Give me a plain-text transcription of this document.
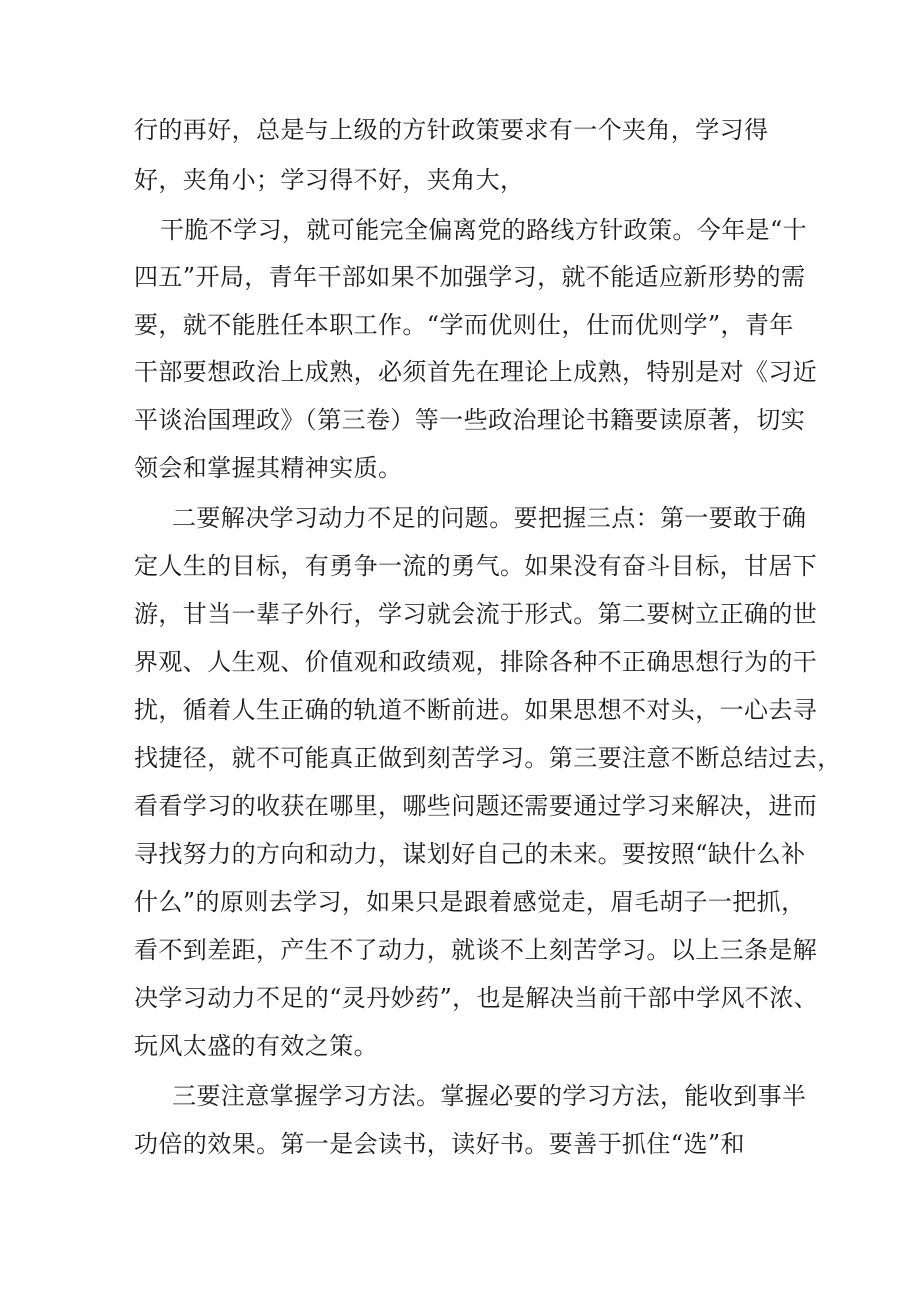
行的再好，总是与上级的方针政策要求有一个夹角，学习得
好，夹角小；学习得不好，夹角大，
干脆不学习，就可能完全偏离党的路线方针政策。今年是“十
四五”开局，青年干部如果不加强学习，就不能适应新形势的需
要，就不能胜任本职工作。“学而优则仕，仕而优则学”，青年
干部要想政治上成熟，必须首先在理论上成熟，特别是对《习近
平谈治国理政》（第三卷）等一些政治理论书籍要读原著，切实
领会和掌握其精神实质。
二要解决学习动力不足的问题。要把握三点：第一要敢于确
定人生的目标，有勇争一流的勇气。如果没有奋斗目标，甘居下
游，甘当一辈子外行，学习就会流于形式。第二要树立正确的世
界观、人生观、价值观和政绩观，排除各种不正确思想行为的干
扰，循着人生正确的轨道不断前进。如果思想不对头，一心去寻
找捷径，就不可能真正做到刻苦学习。第三要注意不断总结过去，
看看学习的收获在哪里，哪些问题还需要通过学习来解决，进而
寻找努力的方向和动力，谋划好自己的未来。要按照“缺什么补
什么”的原则去学习，如果只是跟着感觉走，眉毛胡子一把抓，
看不到差距，产生不了动力，就谈不上刻苦学习。以上三条是解
决学习动力不足的“灵丹妙药”，也是解决当前干部中学风不浓、
玩风太盛的有效之策。
三要注意掌握学习方法。掌握必要的学习方法，能收到事半
功倍的效果。第一是会读书，读好书。要善于抓住“选”和
